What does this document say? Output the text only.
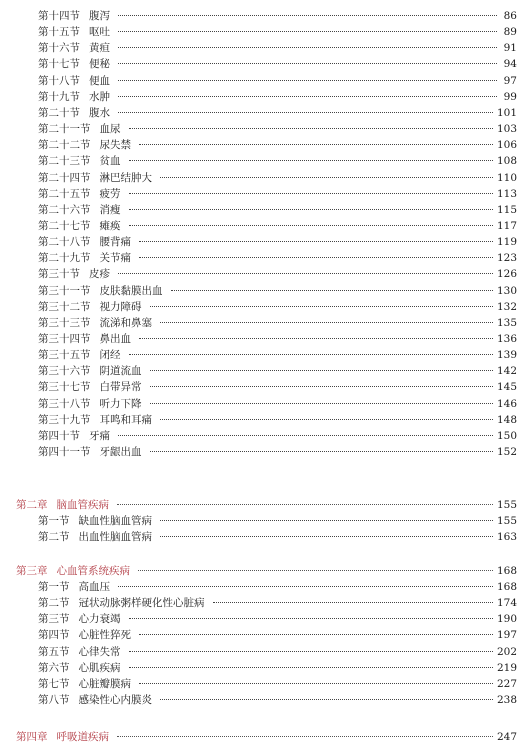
第十四节 腹泻	86
第十五节 呕吐	89
第十六节 黄疸	91
第十七节 便秘	94
第十八节 便血	97
第十九节 水肿	99
第二十节 腹水	101
第二十一节 血尿	103
第二十二节 尿失禁	106
第二十三节 贫血	108
第二十四节 淋巴结肿大	110
第二十五节 疲劳	113
第二十六节 消瘦	115
第二十七节 瘫痪	117
第二十八节 腰背痛	119
第二十九节 关节痛	123
第三十节 皮疹	126
第三十一节 皮肤黏膜出血	130
第三十二节 视力障碍	132
第三十三节 流涕和鼻塞	135
第三十四节 鼻出血	136
第三十五节 闭经	139
第三十六节 阴道流血	142
第三十七节 白带异常	145
第三十八节 听力下降	146
第三十九节 耳鸣和耳痛	148
第四十节 牙痛	150
第四十一节 牙龈出血	152
第二章 脑血管疾病	155
第一节 缺血性脑血管病	155
第二节 出血性脑血管病	163
第三章 心血管系统疾病	168
第一节 高血压	168
第二节 冠状动脉粥样硬化性心脏病	174
第三节 心力衰竭	190
第四节 心脏性猝死	197
第五节 心律失常	202
第六节 心肌疾病	219
第七节 心脏瓣膜病	227
第八节 感染性心内膜炎	238
第四章 呼吸道疾病	247
